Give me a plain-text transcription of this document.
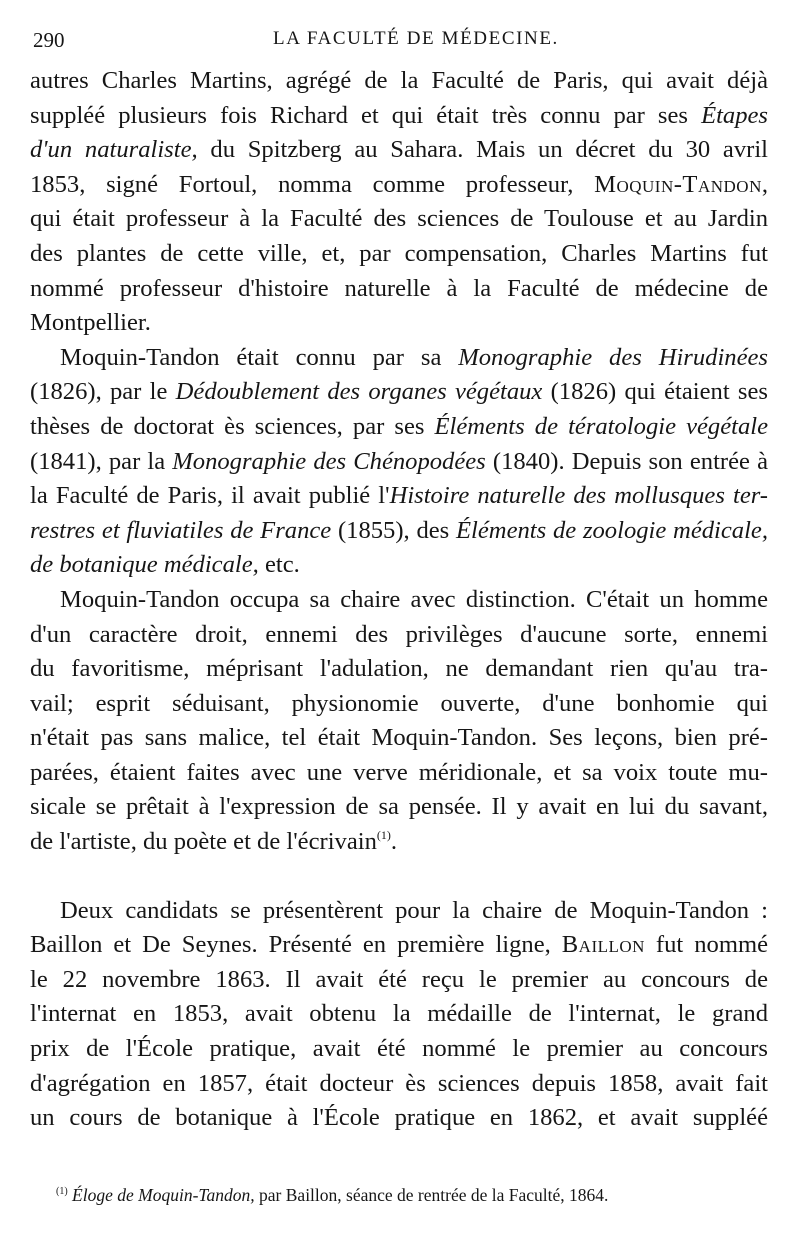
290	LA FACULTÉ DE MÉDECINE.
autres Charles Martins, agrégé de la Faculté de Paris, qui avait déjà
suppléé plusieurs fois Richard et qui était très connu par ses Étapes
d'un naturaliste, du Spitzberg au Sahara. Mais un décret du 30 avril
1853, signé Fortoul, nomma comme professeur, Moquin-Tandon,
qui était professeur à la Faculté des sciences de Toulouse et au Jardin
des plantes de cette ville, et, par compensation, Charles Martins fut
nommé professeur d'histoire naturelle à la Faculté de médecine de
Montpellier.
Moquin-Tandon était connu par sa Monographie des Hirudinées
(1826), par le Dédoublement des organes végétaux (1826) qui étaient ses
thèses de doctorat ès sciences, par ses Éléments de tératologie végétale
(1841), par la Monographie des Chénopodées (1840). Depuis son entrée à
la Faculté de Paris, il avait publié l'Histoire naturelle des mollusques ter-
restres et fluviatiles de France (1855), des Éléments de zoologie médicale,
de botanique médicale, etc.
Moquin-Tandon occupa sa chaire avec distinction. C'était un homme
d'un caractère droit, ennemi des privilèges d'aucune sorte, ennemi
du favoritisme, méprisant l'adulation, ne demandant rien qu'au tra-
vail; esprit séduisant, physionomie ouverte, d'une bonhomie qui
n'était pas sans malice, tel était Moquin-Tandon. Ses leçons, bien pré-
parées, étaient faites avec une verve méridionale, et sa voix toute mu-
sicale se prêtait à l'expression de sa pensée. Il y avait en lui du savant,
de l'artiste, du poète et de l'écrivain$^{(1)}$.
Deux candidats se présentèrent pour la chaire de Moquin-Tandon :
Baillon et De Seynes. Présenté en première ligne, Baillon fut nommé
le 22 novembre 1863. Il avait été reçu le premier au concours de
l'internat en 1853, avait obtenu la médaille de l'internat, le grand
prix de l'École pratique, avait été nommé le premier au concours
d'agrégation en 1857, était docteur ès sciences depuis 1858, avait fait
un cours de botanique à l'École pratique en 1862, et avait suppléé
$^{(1)}$ Éloge de Moquin-Tandon, par Baillon, séance de rentrée de la Faculté, 1864.
